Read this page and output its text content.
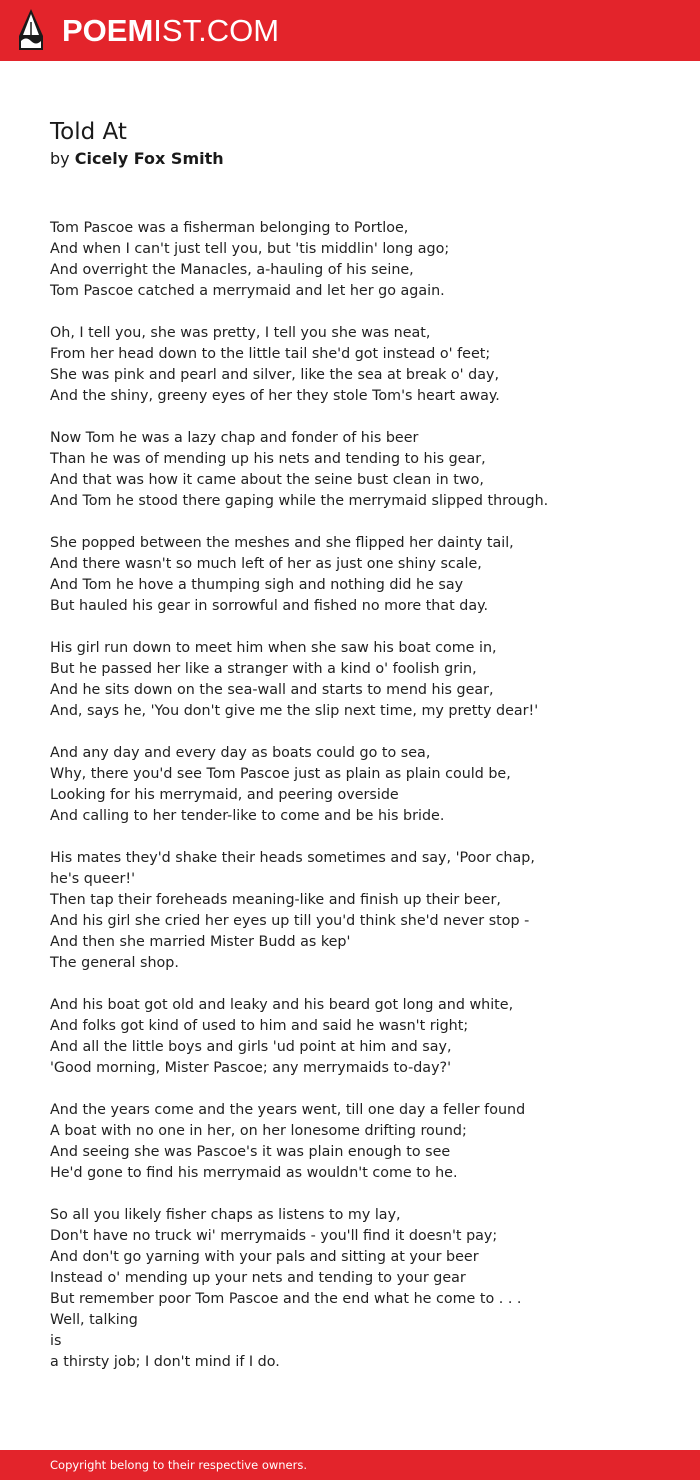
POEMIST.COM
Told At
by Cicely Fox Smith
Tom Pascoe was a fisherman belonging to Portloe,
And when I can't just tell you, but 'tis middlin' long ago;
And overright the Manacles, a-hauling of his seine,
Tom Pascoe catched a merrymaid and let her go again.
Oh, I tell you, she was pretty, I tell you she was neat,
From her head down to the little tail she'd got instead o' feet;
She was pink and pearl and silver, like the sea at break o' day,
And the shiny, greeny eyes of her they stole Tom's heart away.
Now Tom he was a lazy chap and fonder of his beer
Than he was of mending up his nets and tending to his gear,
And that was how it came about the seine bust clean in two,
And Tom he stood there gaping while the merrymaid slipped through.
She popped between the meshes and she flipped her dainty tail,
And there wasn't so much left of her as just one shiny scale,
And Tom he hove a thumping sigh and nothing did he say
But hauled his gear in sorrowful and fished no more that day.
His girl run down to meet him when she saw his boat come in,
But he passed her like a stranger with a kind o' foolish grin,
And he sits down on the sea-wall and starts to mend his gear,
And, says he, 'You don't give me the slip next time, my pretty dear!'
And any day and every day as boats could go to sea,
Why, there you'd see Tom Pascoe just as plain as plain could be,
Looking for his merrymaid, and peering overside
And calling to her tender-like to come and be his bride.
His mates they'd shake their heads sometimes and say, 'Poor chap, he's queer!'
Then tap their foreheads meaning-like and finish up their beer,
And his girl she cried her eyes up till you'd think she'd never stop -
And then she married Mister Budd as kep'
The general shop.
And his boat got old and leaky and his beard got long and white,
And folks got kind of used to him and said he wasn't right;
And all the little boys and girls 'ud point at him and say,
'Good morning, Mister Pascoe; any merrymaids to-day?'
And the years come and the years went, till one day a feller found
A boat with no one in her, on her lonesome drifting round;
And seeing she was Pascoe's it was plain enough to see
He'd gone to find his merrymaid as wouldn't come to he.
So all you likely fisher chaps as listens to my lay,
Don't have no truck wi' merrymaids - you'll find it doesn't pay;
And don't go yarning with your pals and sitting at your beer
Instead o' mending up your nets and tending to your gear
But remember poor Tom Pascoe and the end what he come to . . .
Well, talking
is
a thirsty job; I don't mind if I do.
Copyright belong to their respective owners.
